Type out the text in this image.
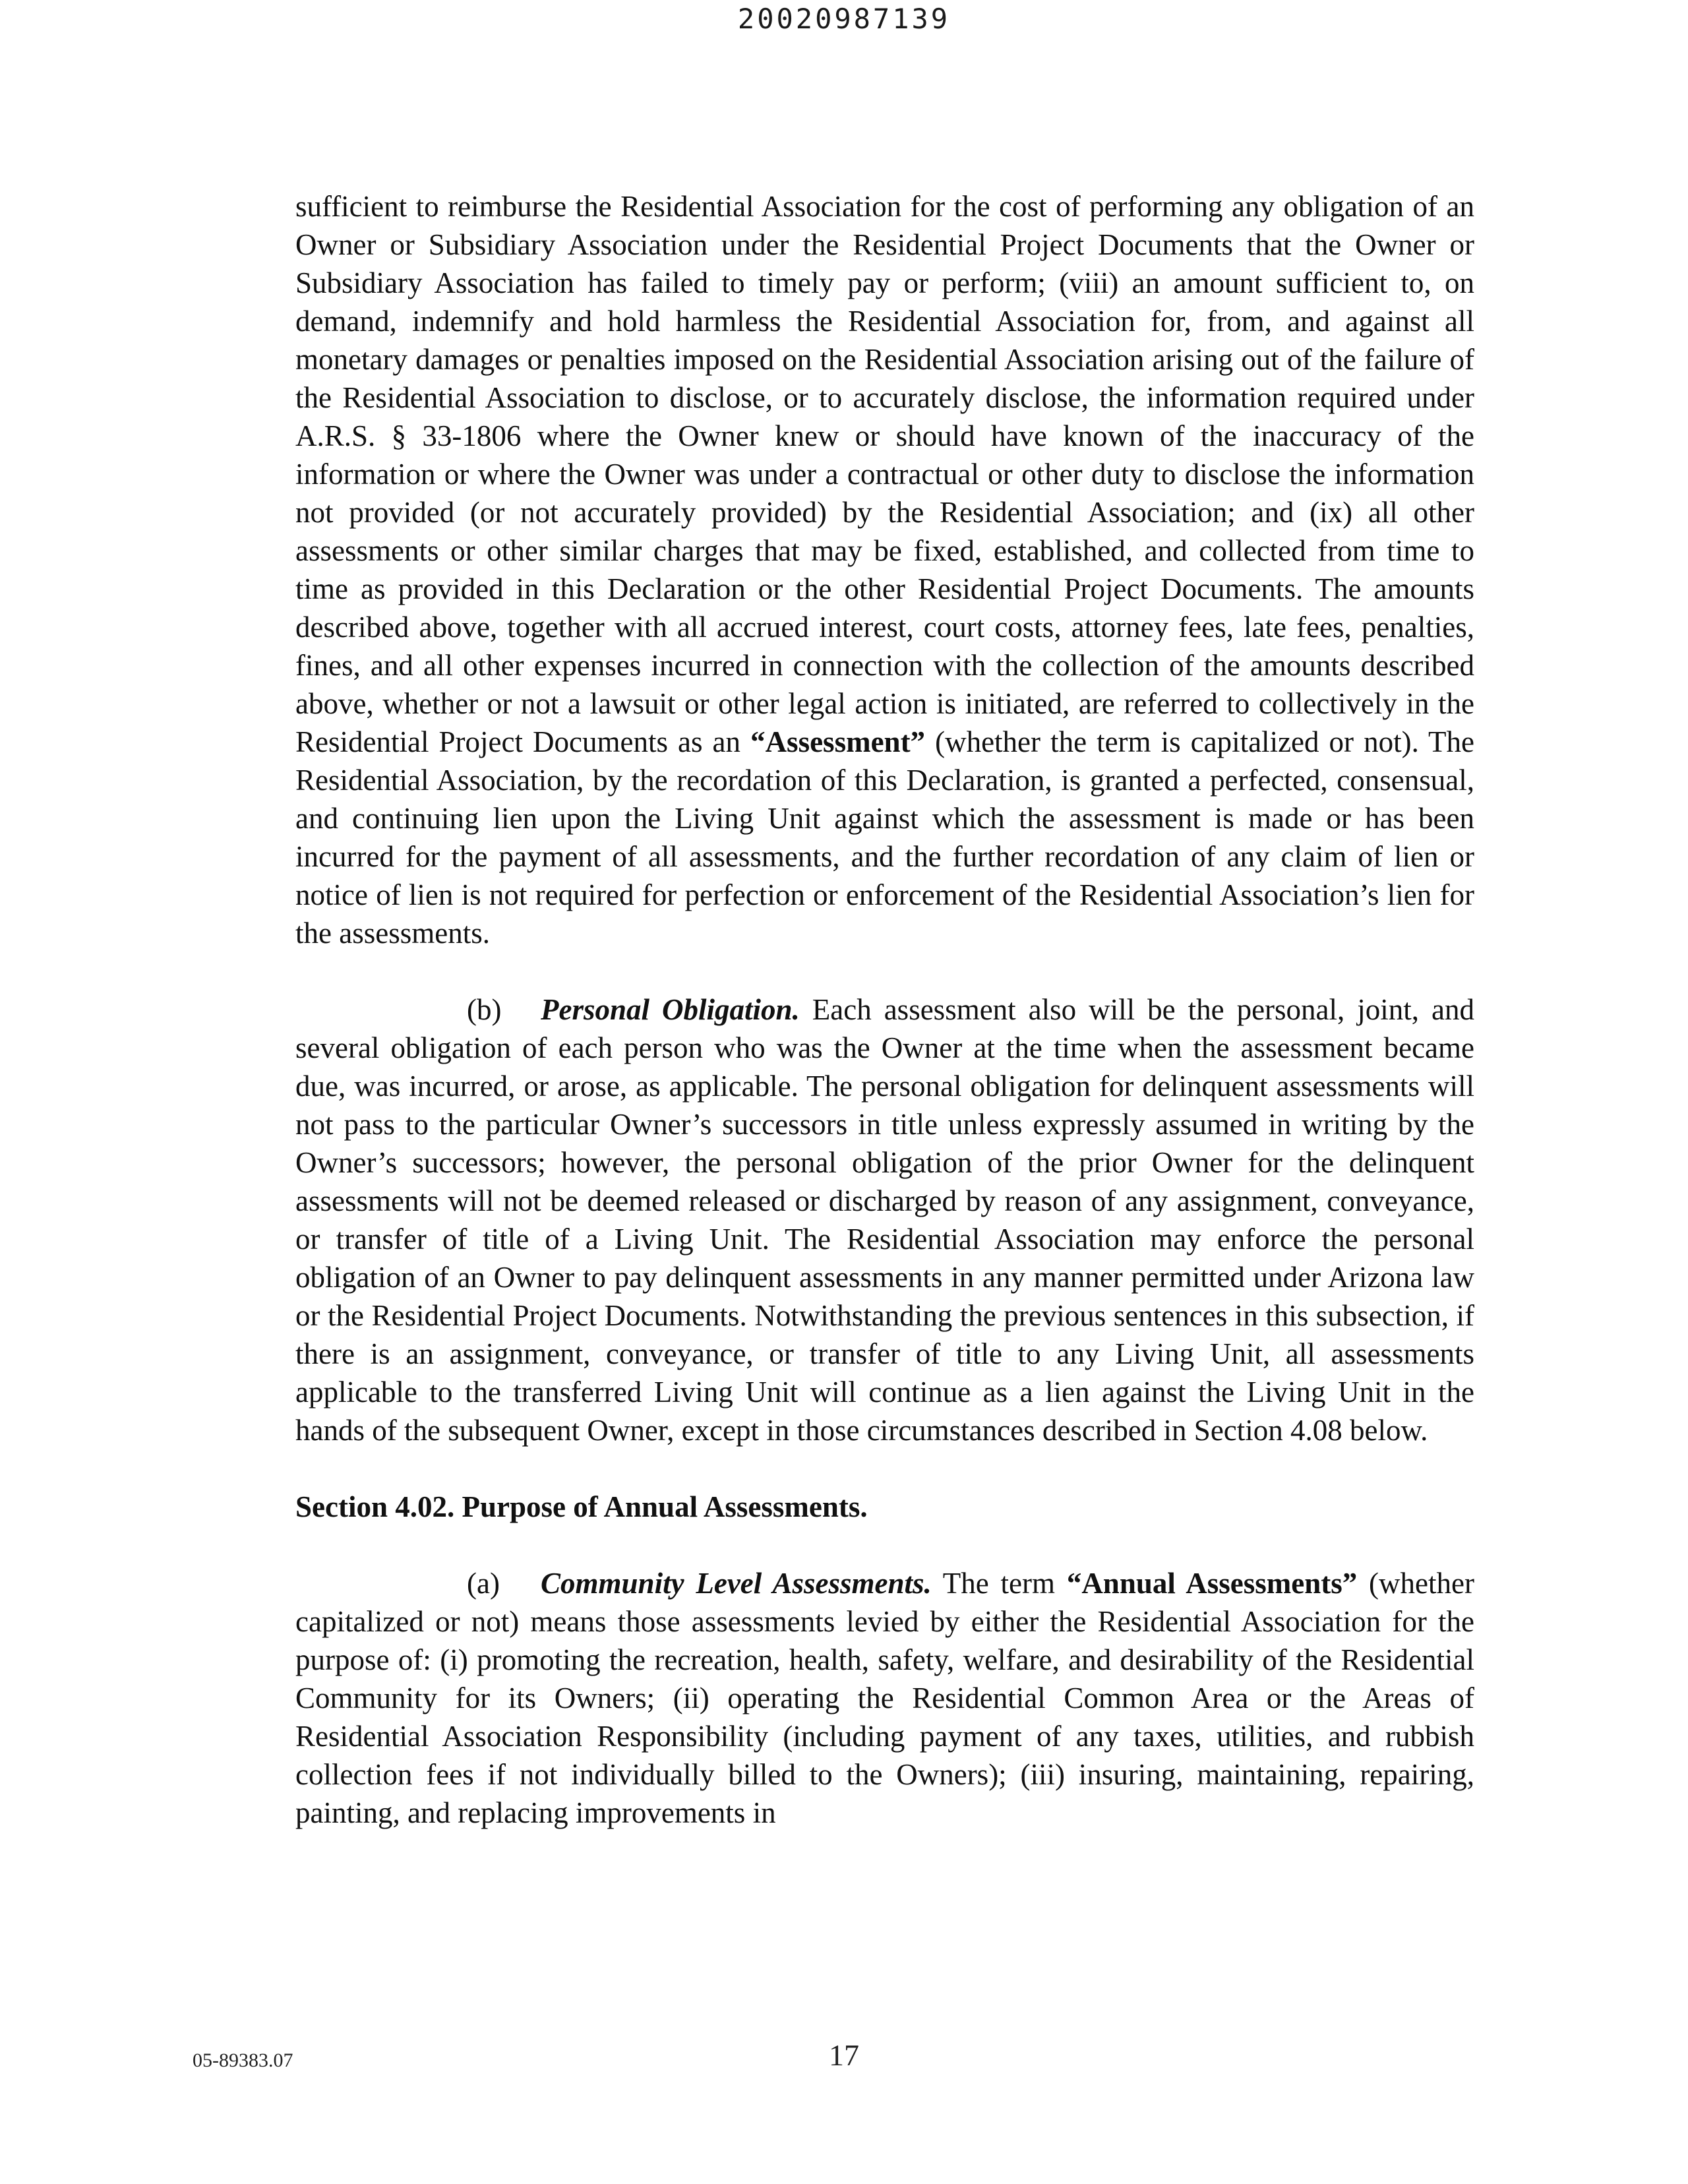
20020987139

sufficient to reimburse the Residential Association for the cost of performing any obligation of an Owner or Subsidiary Association under the Residential Project Documents that the Owner or Subsidiary Association has failed to timely pay or perform; (viii) an amount sufficient to, on demand, indemnify and hold harmless the Residential Association for, from, and against all monetary damages or penalties imposed on the Residential Association arising out of the failure of the Residential Association to disclose, or to accurately disclose, the information required under A.R.S. § 33-1806 where the Owner knew or should have known of the inaccuracy of the information or where the Owner was under a contractual or other duty to disclose the information not provided (or not accurately provided) by the Residential Association; and (ix) all other assessments or other similar charges that may be fixed, established, and collected from time to time as provided in this Declaration or the other Residential Project Documents. The amounts described above, together with all accrued interest, court costs, attorney fees, late fees, penalties, fines, and all other expenses incurred in connection with the collection of the amounts described above, whether or not a lawsuit or other legal action is initiated, are referred to collectively in the Residential Project Documents as an “Assessment” (whether the term is capitalized or not). The Residential Association, by the recordation of this Declaration, is granted a perfected, consensual, and continuing lien upon the Living Unit against which the assessment is made or has been incurred for the payment of all assessments, and the further recordation of any claim of lien or notice of lien is not required for perfection or enforcement of the Residential Association’s lien for the assessments.

(b) Personal Obligation. Each assessment also will be the personal, joint, and several obligation of each person who was the Owner at the time when the assessment became due, was incurred, or arose, as applicable. The personal obligation for delinquent assessments will not pass to the particular Owner’s successors in title unless expressly assumed in writing by the Owner’s successors; however, the personal obligation of the prior Owner for the delinquent assessments will not be deemed released or discharged by reason of any assignment, conveyance, or transfer of title of a Living Unit. The Residential Association may enforce the personal obligation of an Owner to pay delinquent assessments in any manner permitted under Arizona law or the Residential Project Documents. Notwithstanding the previous sentences in this subsection, if there is an assignment, conveyance, or transfer of title to any Living Unit, all assessments applicable to the transferred Living Unit will continue as a lien against the Living Unit in the hands of the subsequent Owner, except in those circumstances described in Section 4.08 below.

Section 4.02. Purpose of Annual Assessments.

(a) Community Level Assessments. The term “Annual Assessments” (whether capitalized or not) means those assessments levied by either the Residential Association for the purpose of: (i) promoting the recreation, health, safety, welfare, and desirability of the Residential Community for its Owners; (ii) operating the Residential Common Area or the Areas of Residential Association Responsibility (including payment of any taxes, utilities, and rubbish collection fees if not individually billed to the Owners); (iii) insuring, maintaining, repairing, painting, and replacing improvements in

05-89383.07	17
